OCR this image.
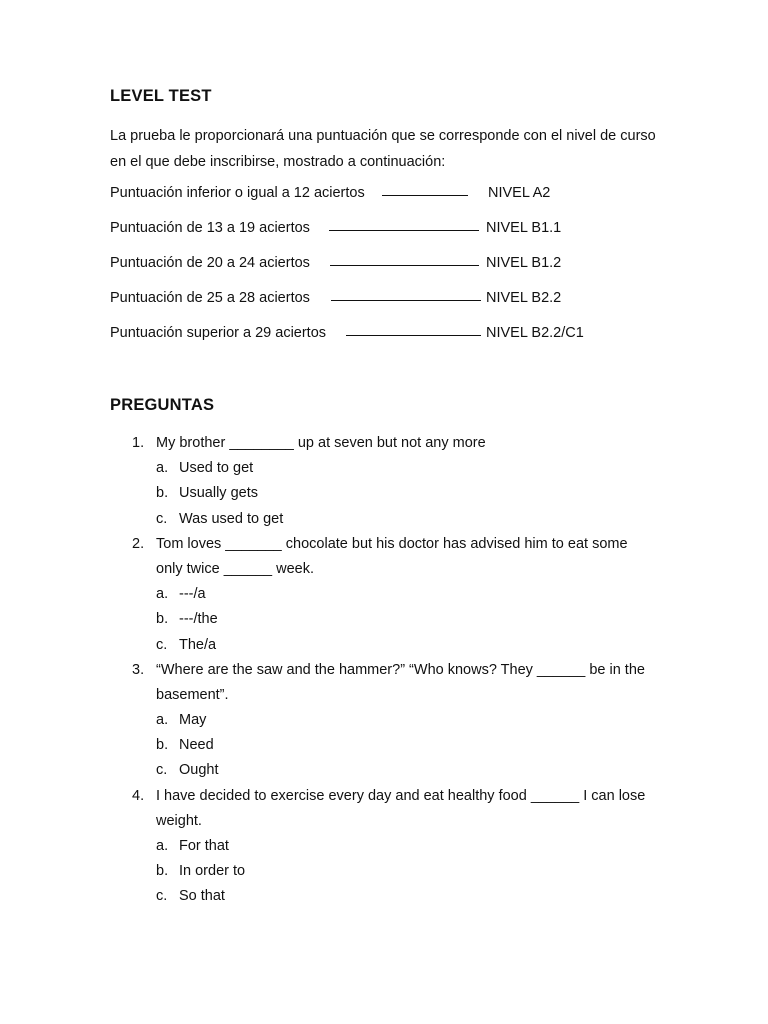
LEVEL TEST
La prueba le proporcionará una puntuación que se corresponde con el nivel de curso en el que debe inscribirse, mostrado a continuación:
Puntuación inferior o igual a 12 aciertos	NIVEL A2
Puntuación de 13 a 19 aciertos	NIVEL B1.1
Puntuación de 20 a 24 aciertos	NIVEL B1.2
Puntuación de 25 a 28 aciertos	NIVEL B2.2
Puntuación superior a 29 aciertos	NIVEL B2.2/C1
PREGUNTAS
1. My brother ________ up at seven but not any more
a. Used to get
b. Usually gets
c. Was used to get
2. Tom loves _______ chocolate but his doctor has advised him to eat some only twice ______ week.
a. ---/a
b. ---/the
c. The/a
3. “Where are the saw and the hammer?” “Who knows? They ______ be in the basement”.
a. May
b. Need
c. Ought
4. I have decided to exercise every day and eat healthy food ______ I can lose weight.
a. For that
b. In order to
c. So that
